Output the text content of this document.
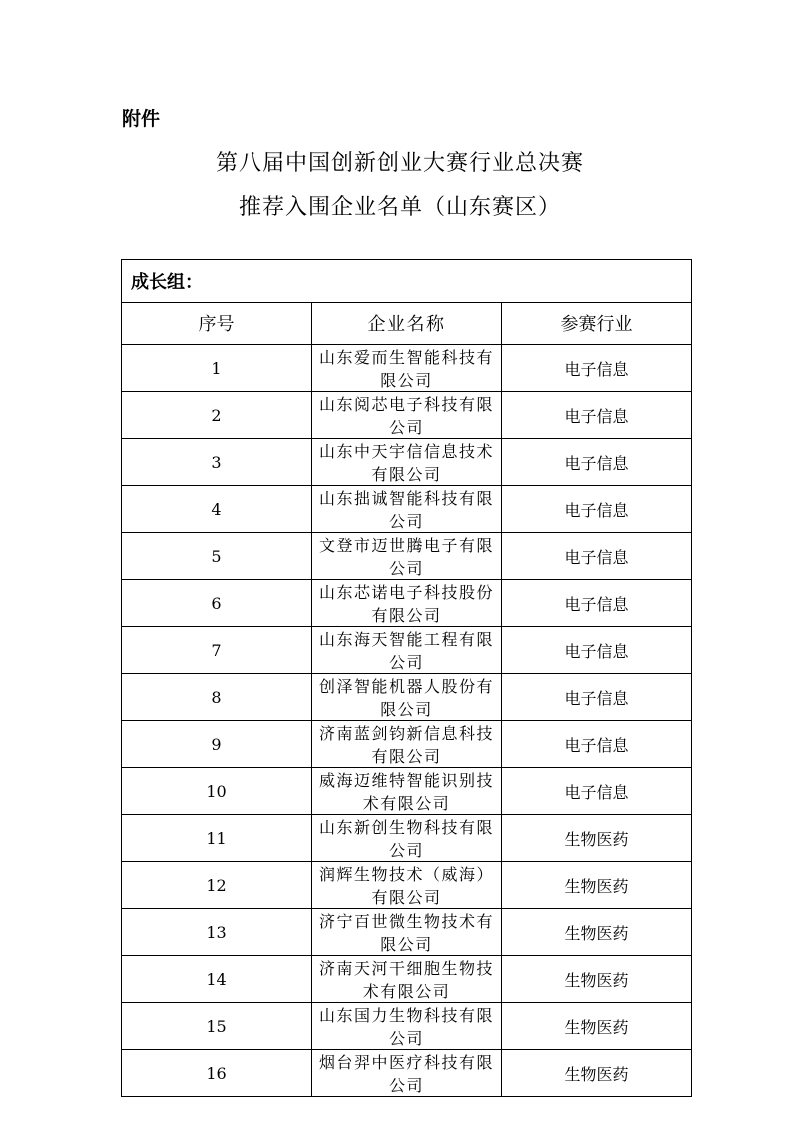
附件
第八届中国创新创业大赛行业总决赛
推荐入围企业名单（山东赛区）
成长组：		
序号	企业名称	参赛行业
1	山东爱而生智能科技有限公司	电子信息
2	山东阅芯电子科技有限公司	电子信息
3	山东中天宇信信息技术有限公司	电子信息
4	山东拙诚智能科技有限公司	电子信息
5	文登市迈世腾电子有限公司	电子信息
6	山东芯诺电子科技股份有限公司	电子信息
7	山东海天智能工程有限公司	电子信息
8	创泽智能机器人股份有限公司	电子信息
9	济南蓝剑钧新信息科技有限公司	电子信息
10	威海迈维特智能识别技术有限公司	电子信息
11	山东新创生物科技有限公司	生物医药
12	润辉生物技术（威海）有限公司	生物医药
13	济宁百世微生物技术有限公司	生物医药
14	济南天河干细胞生物技术有限公司	生物医药
15	山东国力生物科技有限公司	生物医药
16	烟台羿中医疗科技有限公司	生物医药
